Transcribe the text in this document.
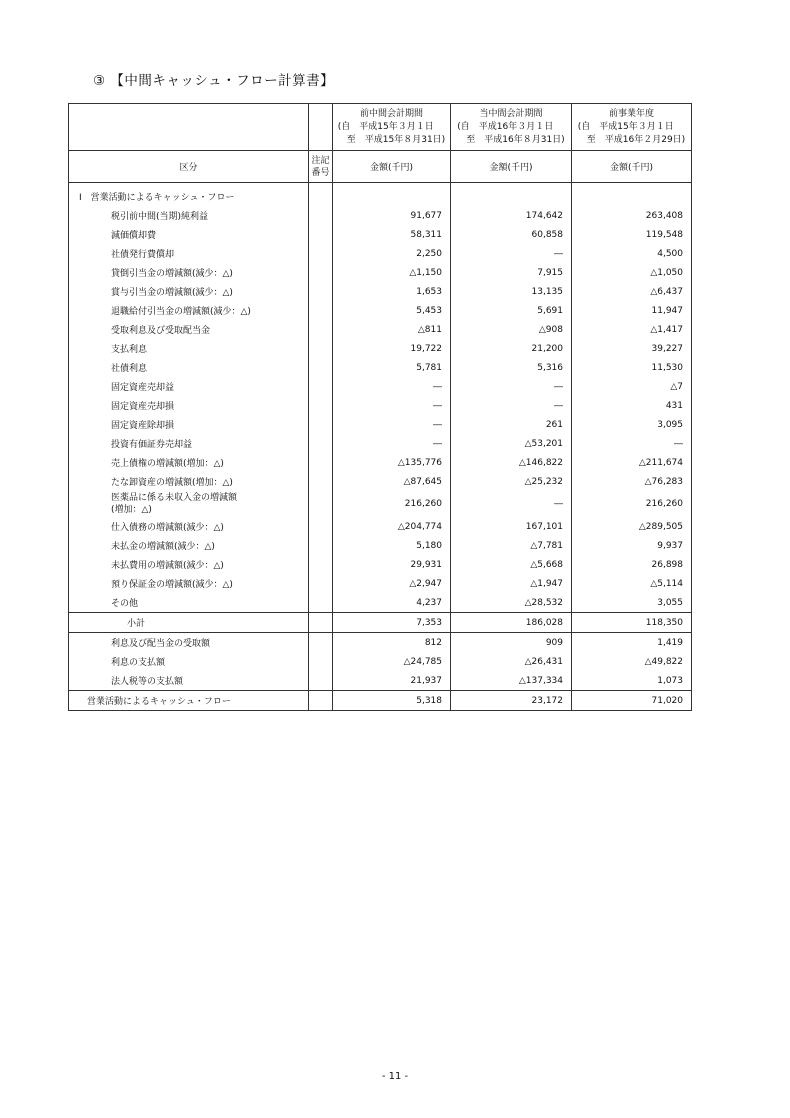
③ 【中間キャッシュ・フロー計算書】

		前中間会計期間
(自　平成15年３月１日
　至　平成15年８月31日)	当中間会計期間
(自　平成16年３月１日
　至　平成16年８月31日)	前事業年度
(自　平成15年３月１日
　至　平成16年２月29日)

区分	注記
番号	金額(千円)	金額(千円)	金額(千円)
Ⅰ　営業活動によるキャッシュ・フロー				
税引前中間(当期)純利益		91,677	174,642	263,408
減価償却費		58,311	60,858	119,548
社債発行費償却		2,250	―	4,500
貸倒引当金の増減額(減少：△)		△1,150	7,915	△1,050
賞与引当金の増減額(減少：△)		1,653	13,135	△6,437
退職給付引当金の増減額(減少：△)		5,453	5,691	11,947
受取利息及び受取配当金		△811	△908	△1,417
支払利息		19,722	21,200	39,227
社債利息		5,781	5,316	11,530
固定資産売却益		―	―	△7
固定資産売却損		―	―	431
固定資産除却損		―	261	3,095
投資有価証券売却益		―	△53,201	―
売上債権の増減額(増加：△)		△135,776	△146,822	△211,674
たな卸資産の増減額(増加：△)		△87,645	△25,232	△76,283

医薬品に係る未収入金の増減額
(増加：△)		216,260	―	216,260
仕入債務の増減額(減少：△)		△204,774	167,101	△289,505
未払金の増減額(減少：△)		5,180	△7,781	9,937
未払費用の増減額(減少：△)		29,931	△5,668	26,898
預り保証金の増減額(減少：△)		△2,947	△1,947	△5,114
その他		4,237	△28,532	3,055
小計		7,353	186,028	118,350
利息及び配当金の受取額		812	909	1,419
利息の支払額		△24,785	△26,431	△49,822
法人税等の支払額		21,937	△137,334	1,073
営業活動によるキャッシュ・フロー		5,318	23,172	71,020
- 11 -
